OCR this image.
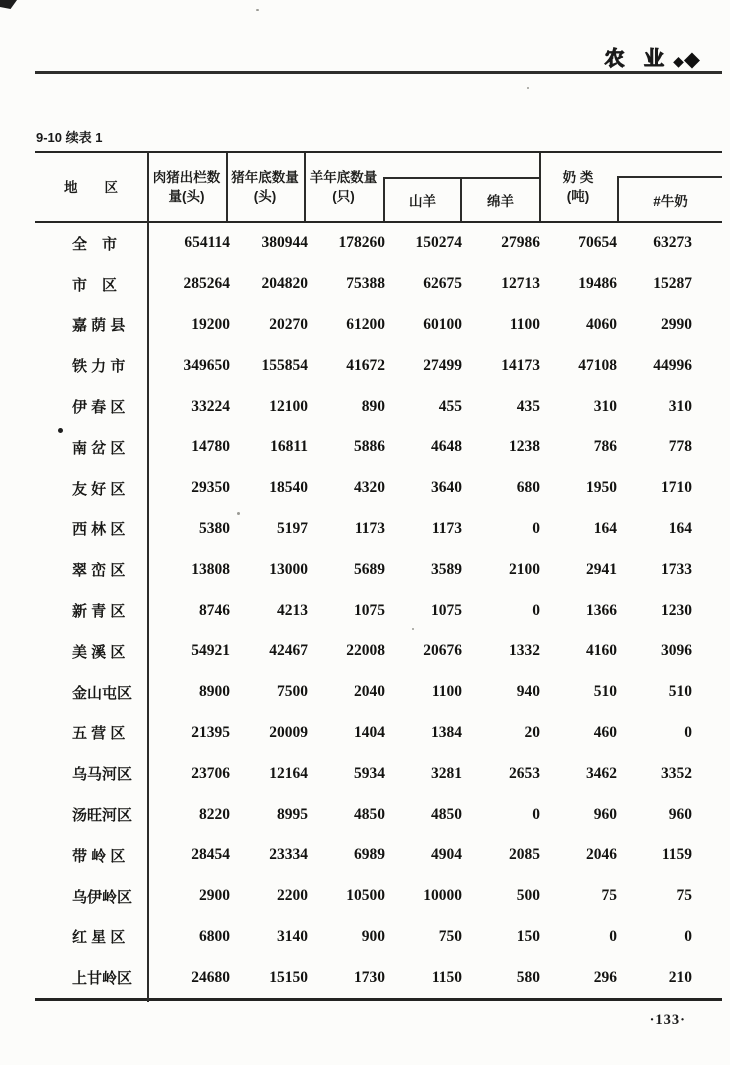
农 业 ◆ ◆
9-10 续表 1
地　　区
肉猪出栏数
量(头)
猪年底数量
(头)
羊年底数量
(只)
奶 类
(吨)
山羊	绵羊	#牛奶
全　市	654114	380944	178260	150274	27986	70654	63273
市　区	285264	204820	75388	62675	12713	19486	15287
嘉 荫 县	19200	20270	61200	60100	1100	4060	2990
铁 力 市	349650	155854	41672	27499	14173	47108	44996
伊 春 区	33224	12100	890	455	435	310	310
南 岔 区	14780	16811	5886	4648	1238	786	778
友 好 区	29350	18540	4320	3640	680	1950	1710
西 林 区	5380	5197	1173	1173	0	164	164
翠 峦 区	13808	13000	5689	3589	2100	2941	1733
新 青 区	8746	4213	1075	1075	0	1366	1230
美 溪 区	54921	42467	22008	20676	1332	4160	3096
金山屯区	8900	7500	2040	1100	940	510	510
五 营 区	21395	20009	1404	1384	20	460	0
乌马河区	23706	12164	5934	3281	2653	3462	3352
汤旺河区	8220	8995	4850	4850	0	960	960
带 岭 区	28454	23334	6989	4904	2085	2046	1159
乌伊岭区	2900	2200	10500	10000	500	75	75
红 星 区	6800	3140	900	750	150	0	0
上甘岭区	24680	15150	1730	1150	580	296	210
·133·
